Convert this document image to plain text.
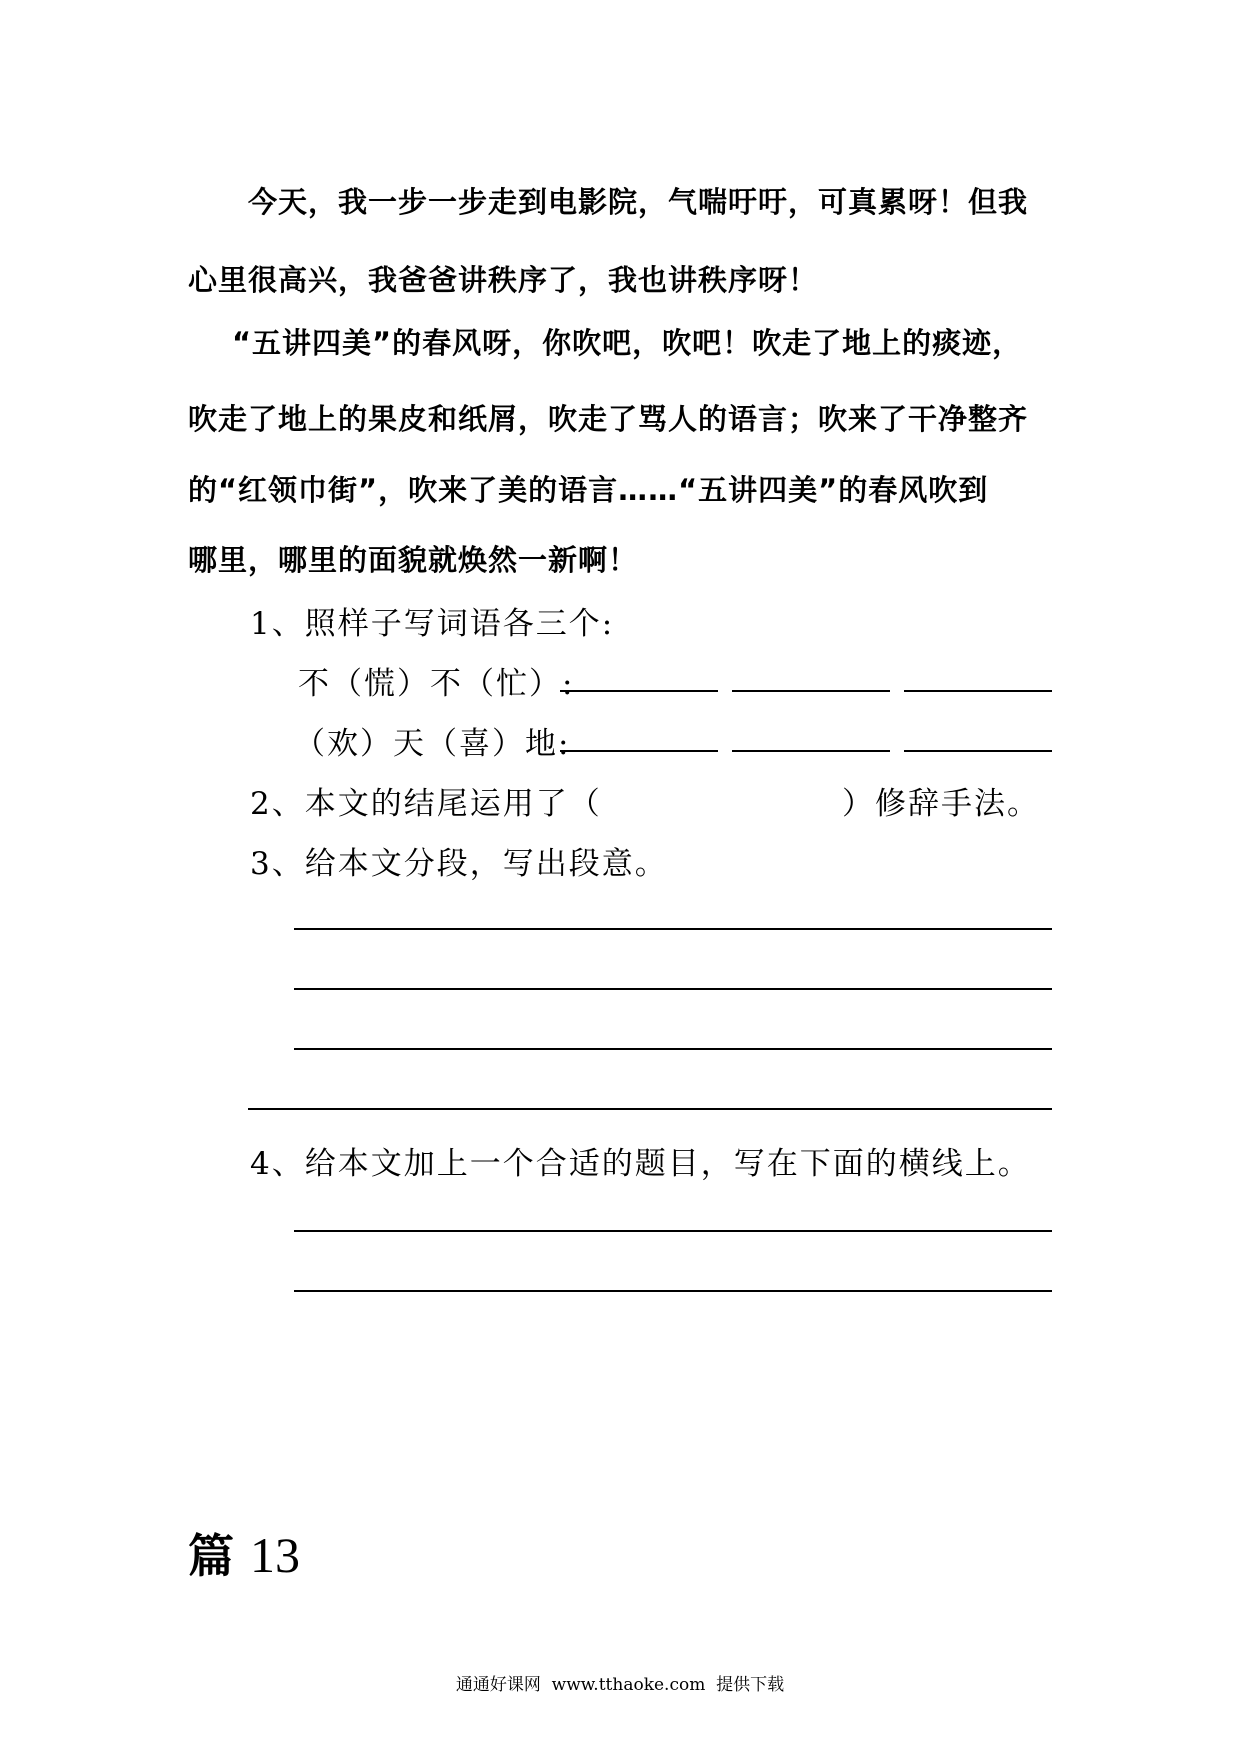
今天，我一步一步走到电影院，气喘吁吁，可真累呀！但我
心里很高兴，我爸爸讲秩序了，我也讲秩序呀！
“五讲四美”的春风呀，你吹吧，吹吧！吹走了地上的痰迹，
吹走了地上的果皮和纸屑，吹走了骂人的语言；吹来了干净整齐
的“红领巾街”，吹来了美的语言……“五讲四美”的春风吹到
哪里，哪里的面貌就焕然一新啊！
1、照样子写词语各三个:
不（慌）不（忙）:
（欢）天（喜）地:
2、本文的结尾运用了（	）修辞手法。
3、给本文分段，写出段意。
4、给本文加上一个合适的题目，写在下面的横线上。
篇 13
通通好课网  www.tthaoke.com  提供下载
